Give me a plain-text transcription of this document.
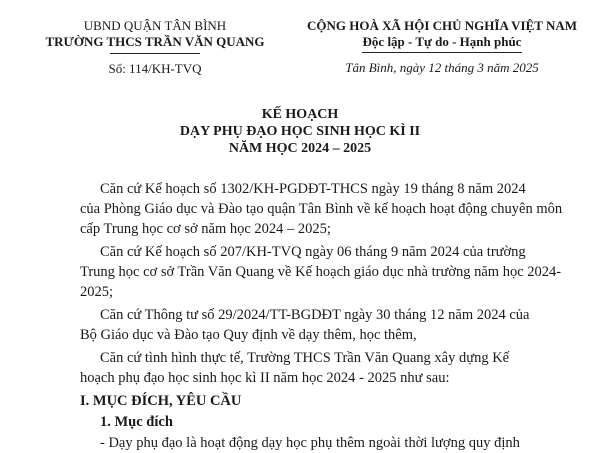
UBND QUẬN TÂN BÌNH
TRƯỜNG THCS TRẦN VĂN QUANG
Số: 114/KH-TVQ
CỘNG HOÀ XÃ HỘI CHỦ NGHĨA VIỆT NAM
Độc lập - Tự do - Hạnh phúc
Tân Bình, ngày 12 tháng 3 năm 2025
KẾ HOẠCH
DẠY PHỤ ĐẠO HỌC SINH HỌC KÌ II
NĂM HỌC 2024 – 2025
Căn cứ Kế hoạch số 1302/KH-PGDĐT-THCS ngày 19 tháng 8 năm 2024
của Phòng Giáo dục và Đào tạo quận Tân Bình về kế hoạch hoạt động chuyên môn
cấp Trung học cơ sở năm học 2024 – 2025;
Căn cứ Kế hoạch số 207/KH-TVQ ngày 06 tháng 9 năm 2024 của trường
Trung học cơ sở Trần Văn Quang về Kế hoạch giáo dục nhà trường năm học 2024-
2025;
Căn cứ Thông tư số 29/2024/TT-BGDĐT ngày 30 tháng 12 năm 2024 của
Bộ Giáo dục và Đào tạo Quy định về dạy thêm, học thêm,
Căn cứ tình hình thực tế, Trường THCS Trần Văn Quang xây dựng Kế
hoạch phụ đạo học sinh học kì II năm học 2024 - 2025 như sau:
I. MỤC ĐÍCH, YÊU CẦU
1. Mục đích
- Dạy phụ đạo là hoạt động dạy học phụ thêm ngoài thời lượng quy định
